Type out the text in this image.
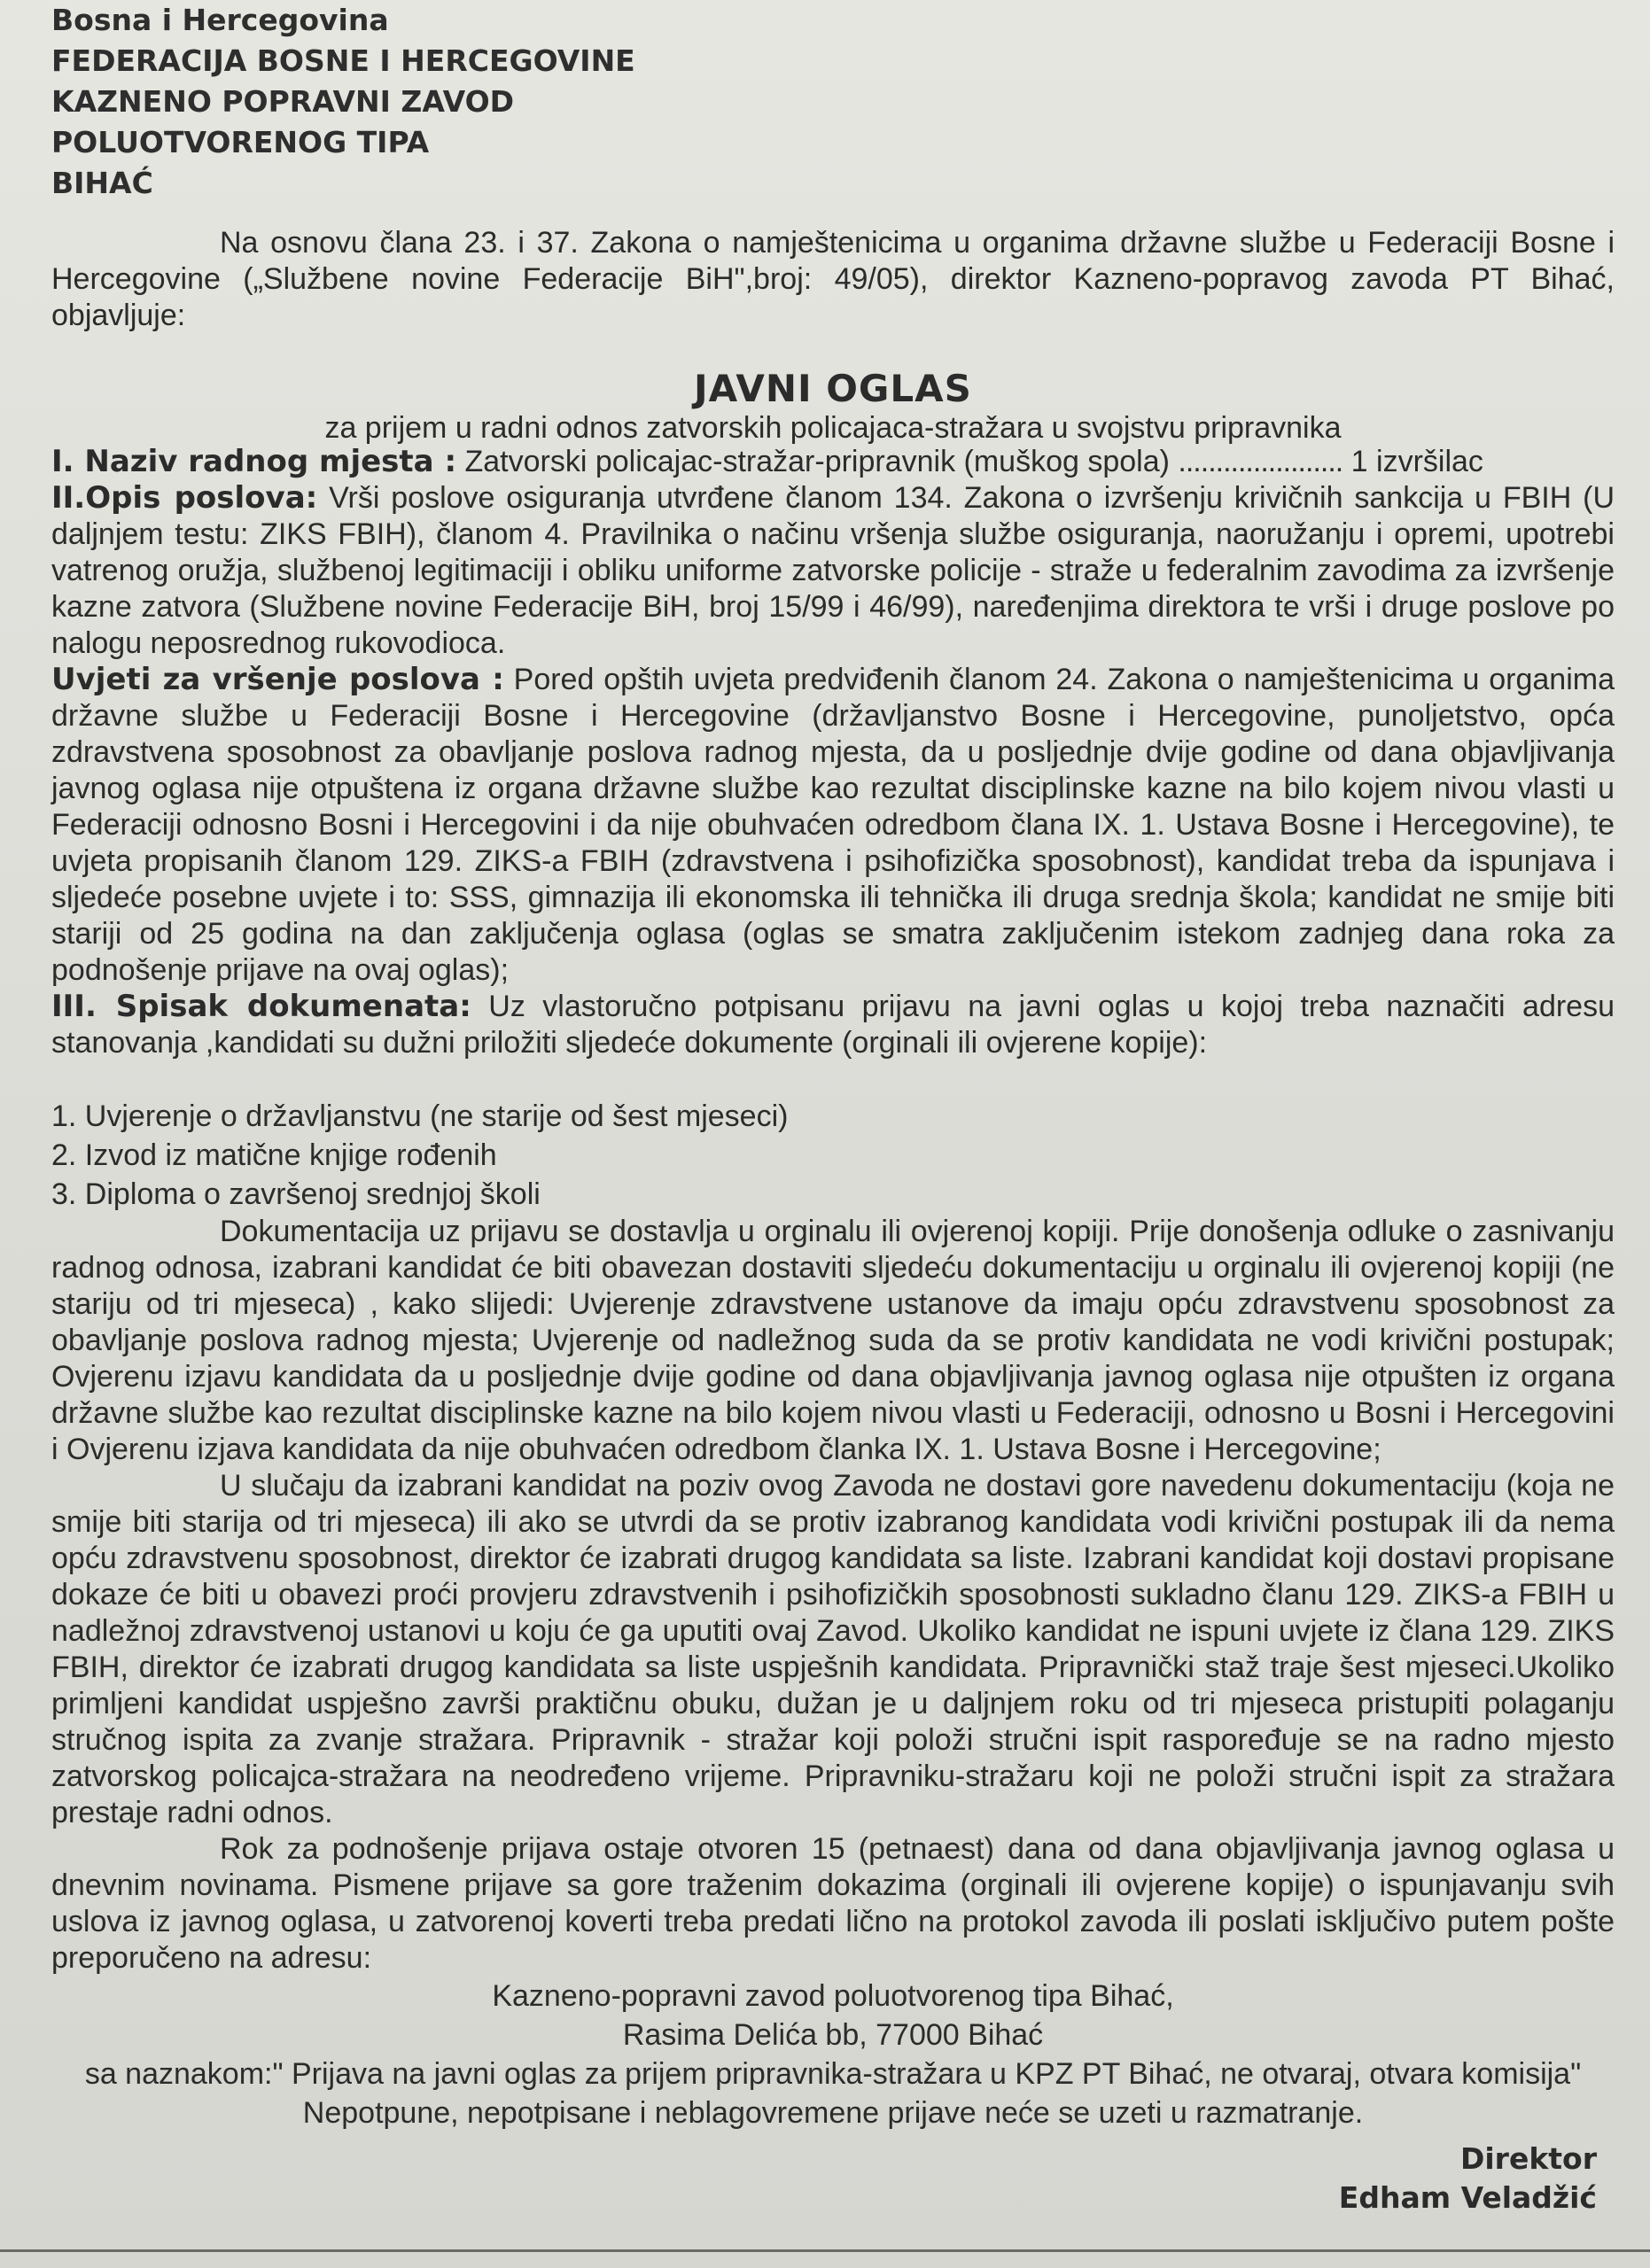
Bosna i Hercegovina
FEDERACIJA BOSNE I HERCEGOVINE
KAZNENO POPRAVNI ZAVOD
POLUOTVORENOG TIPA
BIHAĆ

Na osnovu člana 23. i 37. Zakona o namještenicima u organima državne službe u Federaciji Bosne i Hercegovine („Službene novine Federacije BiH",broj: 49/05), direktor Kazneno-popravog zavoda PT Bihać, objavljuje:

JAVNI OGLAS
za prijem u radni odnos zatvorskih policajaca-stražara u svojstvu pripravnika

I. Naziv radnog mjesta : Zatvorski policajac-stražar-pripravnik (muškog spola) ...................... 1 izvršilac

II.Opis poslova: Vrši poslove osiguranja utvrđene članom 134. Zakona o izvršenju krivičnih sankcija u FBIH (U daljnjem testu: ZIKS FBIH), članom 4. Pravilnika o načinu vršenja službe osiguranja, naoružanju i opremi, upotrebi vatrenog oružja, službenoj legitimaciji i obliku uniforme zatvorske policije - straže u federalnim zavodima za izvršenje kazne zatvora (Službene novine Federacije BiH, broj 15/99 i 46/99), naređenjima direktora te vrši i druge poslove po nalogu neposrednog rukovodioca.

Uvjeti za vršenje poslova : Pored opštih uvjeta predviđenih članom 24. Zakona o namještenicima u organima državne službe u Federaciji Bosne i Hercegovine (državljanstvo Bosne i Hercegovine, punoljetstvo, opća zdravstvena sposobnost za obavljanje poslova radnog mjesta, da u posljednje dvije godine od dana objavljivanja javnog oglasa nije otpuštena iz organa državne službe kao rezultat disciplinske kazne na bilo kojem nivou vlasti u Federaciji odnosno Bosni i Hercegovini i da nije obuhvaćen odredbom člana IX. 1. Ustava Bosne i Hercegovine), te uvjeta propisanih članom 129. ZIKS-a FBIH (zdravstvena i psihofizička sposobnost), kandidat treba da ispunjava i sljedeće posebne uvjete i to: SSS, gimnazija ili ekonomska ili tehnička ili druga srednja škola; kandidat ne smije biti stariji od 25 godina na dan zaključenja oglasa (oglas se smatra zaključenim istekom zadnjeg dana roka za podnošenje prijave na ovaj oglas);

III. Spisak dokumenata: Uz vlastoručno potpisanu prijavu na javni oglas u kojoj treba naznačiti adresu stanovanja ,kandidati su dužni priložiti sljedeće dokumente (orginali ili ovjerene kopije):

1. Uvjerenje o državljanstvu (ne starije od šest mjeseci)
2. Izvod iz matične knjige rođenih
3. Diploma o završenoj srednjoj školi

Dokumentacija uz prijavu se dostavlja u orginalu ili ovjerenoj kopiji. Prije donošenja odluke o zasnivanju radnog odnosa, izabrani kandidat će biti obavezan dostaviti sljedeću dokumentaciju u orginalu ili ovjerenoj kopiji (ne stariju od tri mjeseca) , kako slijedi: Uvjerenje zdravstvene ustanove da imaju opću zdravstvenu sposobnost za obavljanje poslova radnog mjesta; Uvjerenje od nadležnog suda da se protiv kandidata ne vodi krivični postupak; Ovjerenu izjavu kandidata da u posljednje dvije godine od dana objavljivanja javnog oglasa nije otpušten iz organa državne službe kao rezultat disciplinske kazne na bilo kojem nivou vlasti u Federaciji, odnosno u Bosni i Hercegovini i Ovjerenu izjava kandidata da nije obuhvaćen odredbom članka IX. 1. Ustava Bosne i Hercegovine;

U slučaju da izabrani kandidat na poziv ovog Zavoda ne dostavi gore navedenu dokumentaciju (koja ne smije biti starija od tri mjeseca) ili ako se utvrdi da se protiv izabranog kandidata vodi krivični postupak ili da nema opću zdravstvenu sposobnost, direktor će izabrati drugog kandidata sa liste. Izabrani kandidat koji dostavi propisane dokaze će biti u obavezi proći provjeru zdravstvenih i psihofizičkih sposobnosti sukladno članu 129. ZIKS-a FBIH u nadležnoj zdravstvenoj ustanovi u koju će ga uputiti ovaj Zavod. Ukoliko kandidat ne ispuni uvjete iz člana 129. ZIKS FBIH, direktor će izabrati drugog kandidata sa liste uspješnih kandidata. Pripravnički staž traje šest mjeseci.Ukoliko primljeni kandidat uspješno završi praktičnu obuku, dužan je u daljnjem roku od tri mjeseca pristupiti polaganju stručnog ispita za zvanje stražara. Pripravnik - stražar koji položi stručni ispit raspoređuje se na radno mjesto zatvorskog policajca-stražara na neodređeno vrijeme. Pripravniku-stražaru koji ne položi stručni ispit za stražara prestaje radni odnos.

Rok za podnošenje prijava ostaje otvoren 15 (petnaest) dana od dana objavljivanja javnog oglasa u dnevnim novinama. Pismene prijave sa gore traženim dokazima (orginali ili ovjerene kopije) o ispunjavanju svih uslova iz javnog oglasa, u zatvorenoj koverti treba predati lično na protokol zavoda ili poslati isključivo putem pošte preporučeno na adresu:

Kazneno-popravni zavod poluotvorenog tipa Bihać,

Rasima Delića bb, 77000 Bihać

sa naznakom:" Prijava na javni oglas za prijem pripravnika-stražara u KPZ PT Bihać, ne otvaraj, otvara komisija"

Nepotpune, nepotpisane i neblagovremene prijave neće se uzeti u razmatranje.

Direktor
Edham Veladžić
